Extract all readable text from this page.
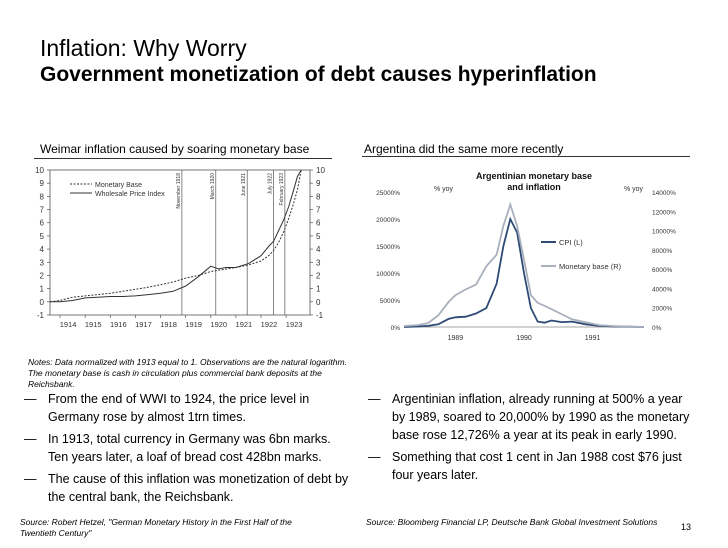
Inflation: Why Worry
Government monetization of debt causes hyperinflation
Weimar inflation caused by soaring monetary base	Argentina did the same more recently
-1	-1
0	0
1	1
2	2
3	3
4	4
5	5
6	6
7	7
8	8
9	9
10	10
1914 1915 1916 1917 1918 1919 1920 1921 1922 1923
November 1918	March 1920	June 1921	July 1922 February 1923
Monetary Base
Wholesale Price Index
0%
5000%
10000%
15000%
20000%
25000%
0%
2000%
4000%
6000%
8000%
10000%
12000%
14000%
1989	1990	1991
% yoy	% yoy
Argentinian monetary base
and inflation
CPI (L)
Monetary base (R)
Notes: Data normalized with 1913 equal to 1. Observations are the natural logarithm. The monetary base is cash in circulation plus commercial bank deposits at the Reichsbank.
— From the end of WWI to 1924, the price level in Germany rose by almost 1trn times.
— In 1913, total currency in Germany was 6bn marks. Ten years later, a loaf of bread cost 428bn marks.
— The cause of this inflation was monetization of debt by the central bank, the Reichsbank.
— Argentinian inflation, already running at 500% a year by 1989, soared to 20,000% by 1990 as the monetary base rose 12,726% a year at its peak in early 1990.
— Something that cost 1 cent in Jan 1988 cost $76 just four years later.
Source: Robert Hetzel, "German Monetary History in the First Half of the Twentieth Century"
Source: Bloomberg Financial LP, Deutsche Bank Global Investment Solutions	13
